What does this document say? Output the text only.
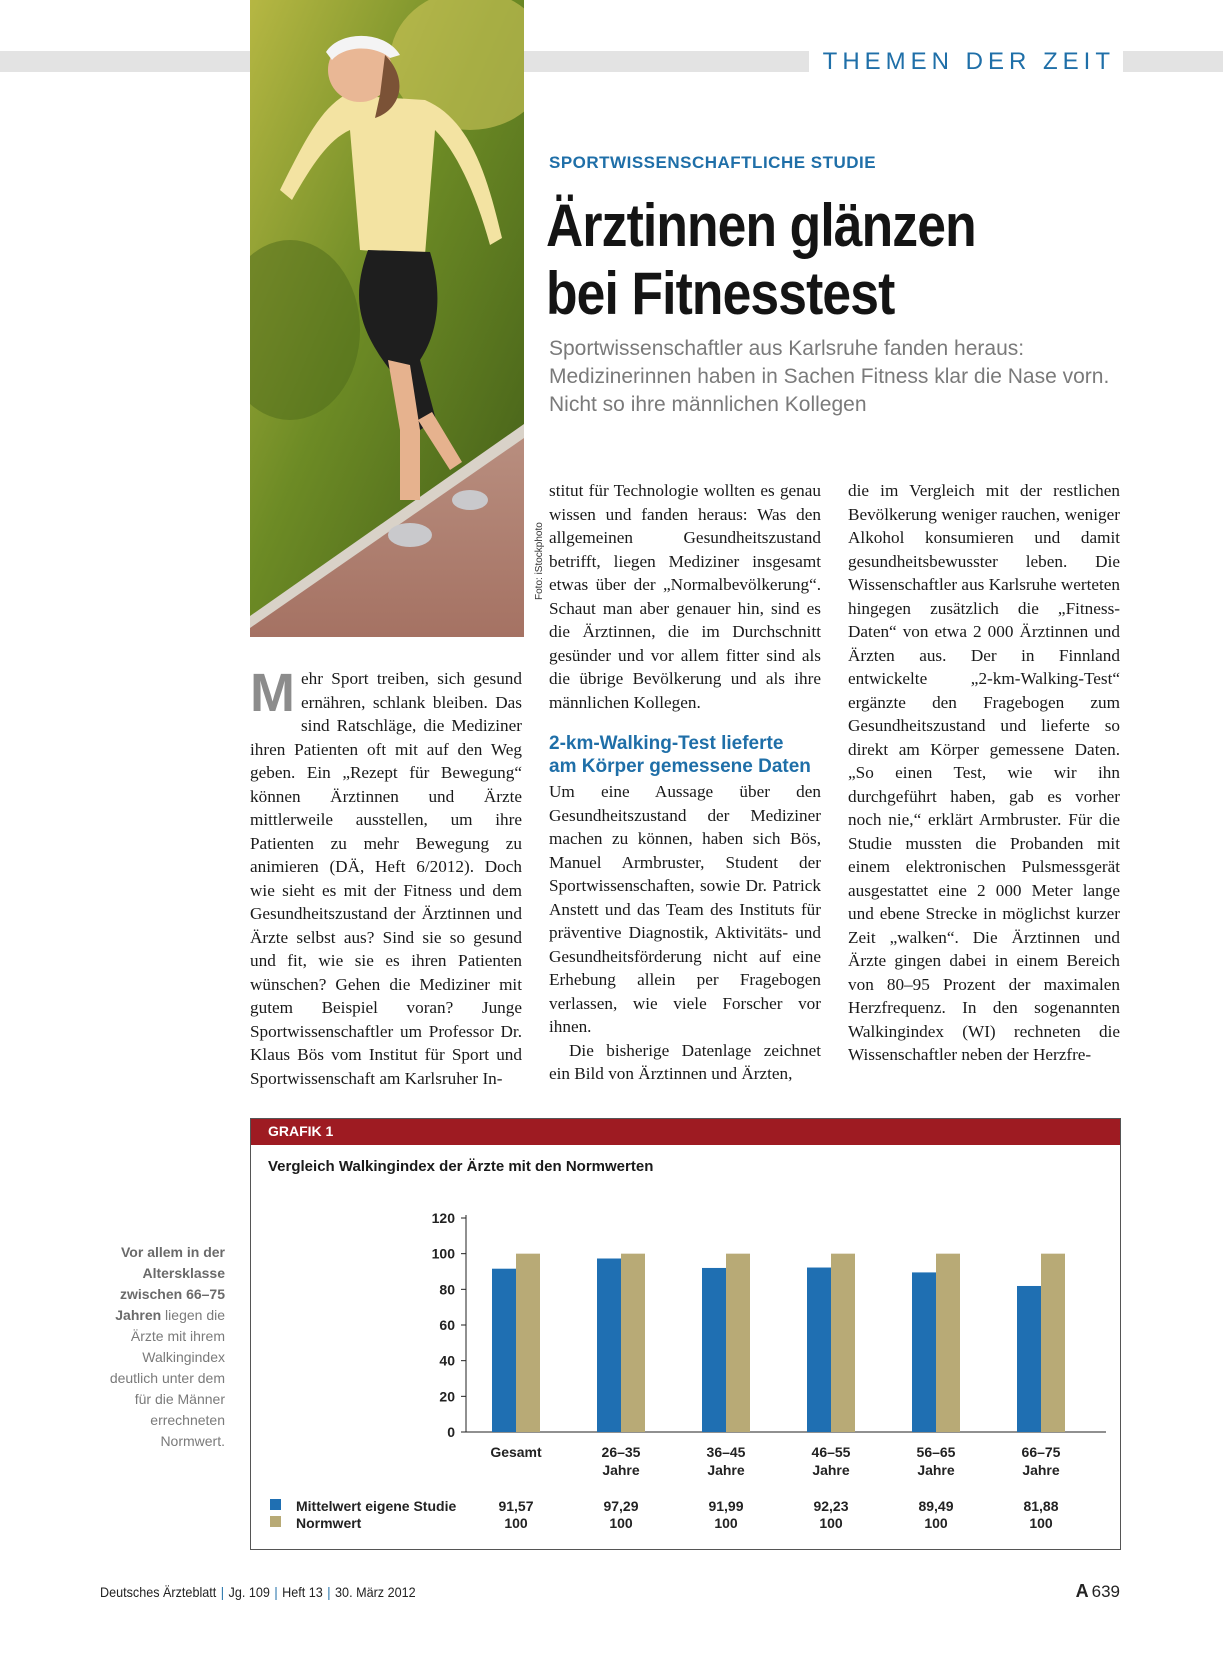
THEMEN DER ZEIT
Foto: iStockphoto
SPORTWISSENSCHAFTLICHE STUDIE
Ärztinnen glänzen
bei Fitnesstest

Sportwissenschaftler aus Karlsruhe fanden heraus: Medizinerinnen haben in Sachen Fitness klar die Nase vorn. Nicht so ihre männlichen Kollegen

M ehr Sport treiben, sich gesund ernähren, schlank bleiben. Das sind Ratschläge, die Mediziner ihren Patienten oft mit auf den Weg geben. Ein „Rezept für Bewegung“ können Ärztinnen und Ärzte mittlerweile ausstellen, um ihre Patienten zu mehr Bewegung zu animieren (DÄ, Heft 6/2012). Doch wie sieht es mit der Fitness und dem Gesundheitszustand der Ärztinnen und Ärzte selbst aus? Sind sie so gesund und fit, wie sie es ihren Patienten wünschen? Gehen die Mediziner mit gutem Beispiel voran? Junge Sportwissenschaftler um Professor Dr. Klaus Bös vom Institut für Sport und Sportwissenschaft am Karlsruher In-

stitut für Technologie wollten es genau wissen und fanden heraus: Was den allgemeinen Gesundheitszustand betrifft, liegen Mediziner insgesamt etwas über der „Normalbevölkerung“. Schaut man aber genauer hin, sind es die Ärztinnen, die im Durchschnitt gesünder und vor allem fitter sind als die übrige Bevölkerung und als ihre männlichen Kollegen.

2-km-Walking-Test lieferte
am Körper gemessene Daten

Um eine Aussage über den Gesundheitszustand der Mediziner machen zu können, haben sich Bös, Manuel Armbruster, Student der Sportwissenschaften, sowie Dr. Patrick Anstett und das Team des Instituts für präventive Diagnostik, Aktivitäts- und Gesundheitsförderung nicht auf eine Erhebung allein per Fragebogen verlassen, wie viele Forscher vor ihnen.

Die bisherige Datenlage zeichnet ein Bild von Ärztinnen und Ärzten,

die im Vergleich mit der restlichen Bevölkerung weniger rauchen, weniger Alkohol konsumieren und damit gesundheitsbewusster leben. Die Wissenschaftler aus Karlsruhe werteten hingegen zusätzlich die „Fitness-Daten“ von etwa 2 000 Ärztinnen und Ärzten aus. Der in Finnland entwickelte „2-km-Walking-Test“ ergänzte den Fragebogen zum Gesundheitszustand und lieferte so direkt am Körper gemessene Daten. „So einen Test, wie wir ihn durchgeführt haben, gab es vorher noch nie,“ erklärt Armbruster. Für die Studie mussten die Probanden mit einem elektronischen Pulsmessgerät ausgestattet eine 2 000 Meter lange und ebene Strecke in möglichst kurzer Zeit „walken“. Die Ärztinnen und Ärzte gingen dabei in einem Bereich von 80–95 Prozent der maximalen Herzfrequenz. In den sogenannten Walkingindex (WI) rechneten die Wissenschaftler neben der Herzfre-

Vor allem in der Altersklasse zwischen 66–75 Jahren liegen die Ärzte mit ihrem Walkingindex deutlich unter dem für die Männer errechneten Normwert.
GRAFIK 1
Vergleich Walkingindex der Ärzte mit den Normwerten
0
20
40
60
80
100
120
Gesamt
91,57
100
26–35
Jahre
97,29
100
36–45
Jahre
91,99
100
46–55
Jahre
92,23
100
56–65
Jahre
89,49
100
66–75
Jahre
81,88
100
Mittelwert eigene Studie
Normwert
Deutsches Ärzteblatt | Jg. 109 | Heft 13 | 30. März 2012	A 639
